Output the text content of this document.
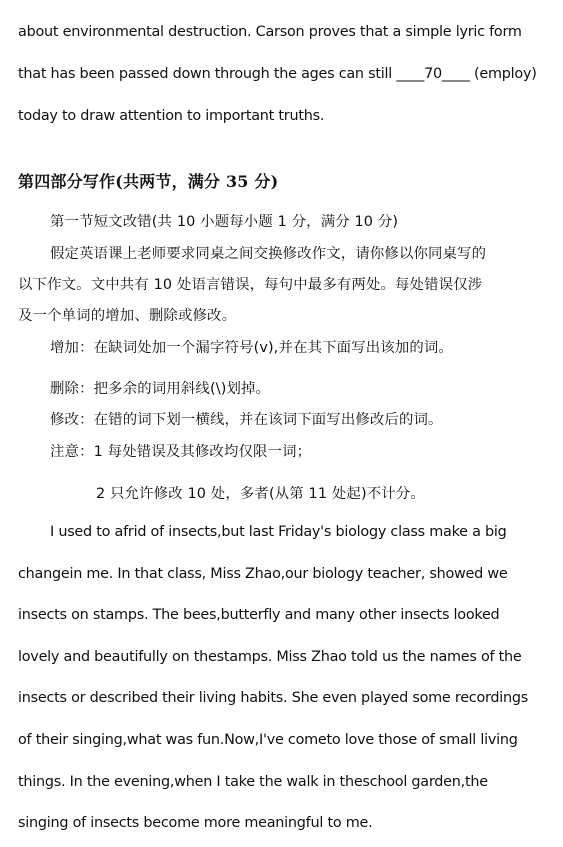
about environmental destruction. Carson proves that a simple lyric form
that has been passed down through the ages can still ____70____ (employ)
today to draw attention to important truths.
第四部分写作(共两节，满分 35 分)
第一节短文改错(共 10 小题每小题 1 分，满分 10 分)
假定英语课上老师要求同桌之间交换修改作文，请你修以你同桌写的
以下作文。文中共有 10 处语言错误，每句中最多有两处。每处错误仅涉
及一个单词的增加、删除或修改。
增加：在缺词处加一个漏字符号(v),并在其下面写出该加的词。
删除：把多余的词用斜线(\)划掉。
修改：在错的词下划一横线，并在该词下面写出修改后的词。
注意：1 每处错误及其修改均仅限一词；
2 只允许修改 10 处，多者(从第 11 处起)不计分。
I used to afrid of insects,but last Friday's biology class make a big
changein me. In that class, Miss Zhao,our biology teacher, showed we
insects on stamps. The bees,butterfly and many other insects looked
lovely and beautifully on thestamps. Miss Zhao told us the names of the
insects or described their living habits. She even played some recordings
of their singing,what was fun.Now,I've cometo love those of small living
things. In the evening,when I take the walk in theschool garden,the
singing of insects become more meaningful to me.
